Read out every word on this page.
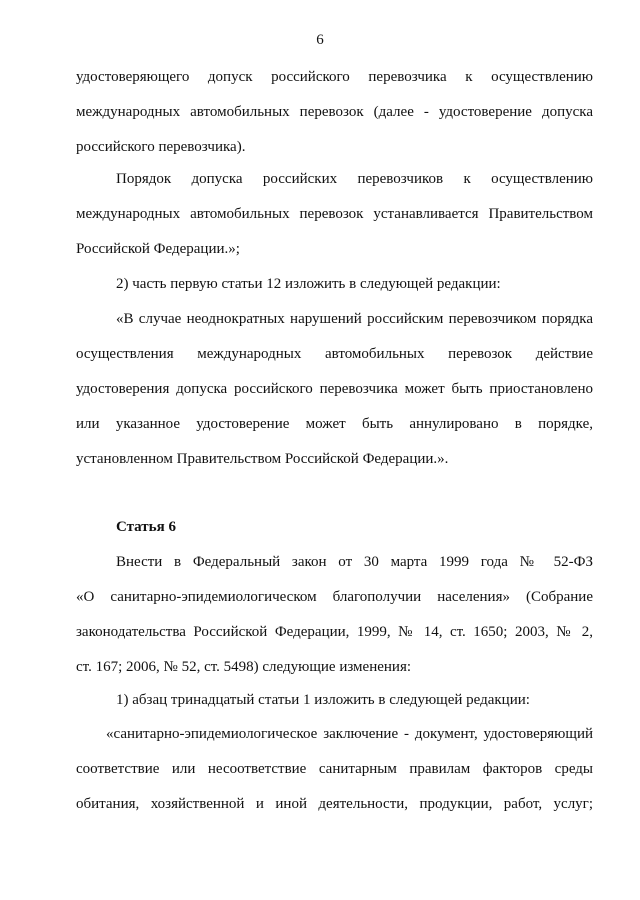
6
удостоверяющего допуск российского перевозчика к осуществлению
международных автомобильных перевозок (далее - удостоверение допуска
российского перевозчика).
Порядок допуска российских перевозчиков к осуществлению
международных автомобильных перевозок устанавливается Правительством
Российской Федерации.»;
2) часть первую статьи 12 изложить в следующей редакции:
«В случае неоднократных нарушений российским перевозчиком порядка
осуществления международных автомобильных перевозок действие
удостоверения допуска российского перевозчика может быть приостановлено
или указанное удостоверение может быть аннулировано в порядке,
установленном Правительством Российской Федерации.».
Статья 6
Внести в Федеральный закон от 30 марта 1999 года № 52-ФЗ
«О санитарно-эпидемиологическом благополучии населения» (Собрание
законодательства Российской Федерации, 1999, № 14, ст. 1650; 2003, № 2,
ст. 167; 2006, № 52, ст. 5498) следующие изменения:
1) абзац тринадцатый статьи 1 изложить в следующей редакции:
«санитарно-эпидемиологическое заключение - документ, удостоверяющий
соответствие или несоответствие санитарным правилам факторов среды
обитания, хозяйственной и иной деятельности, продукции, работ, услуг;
